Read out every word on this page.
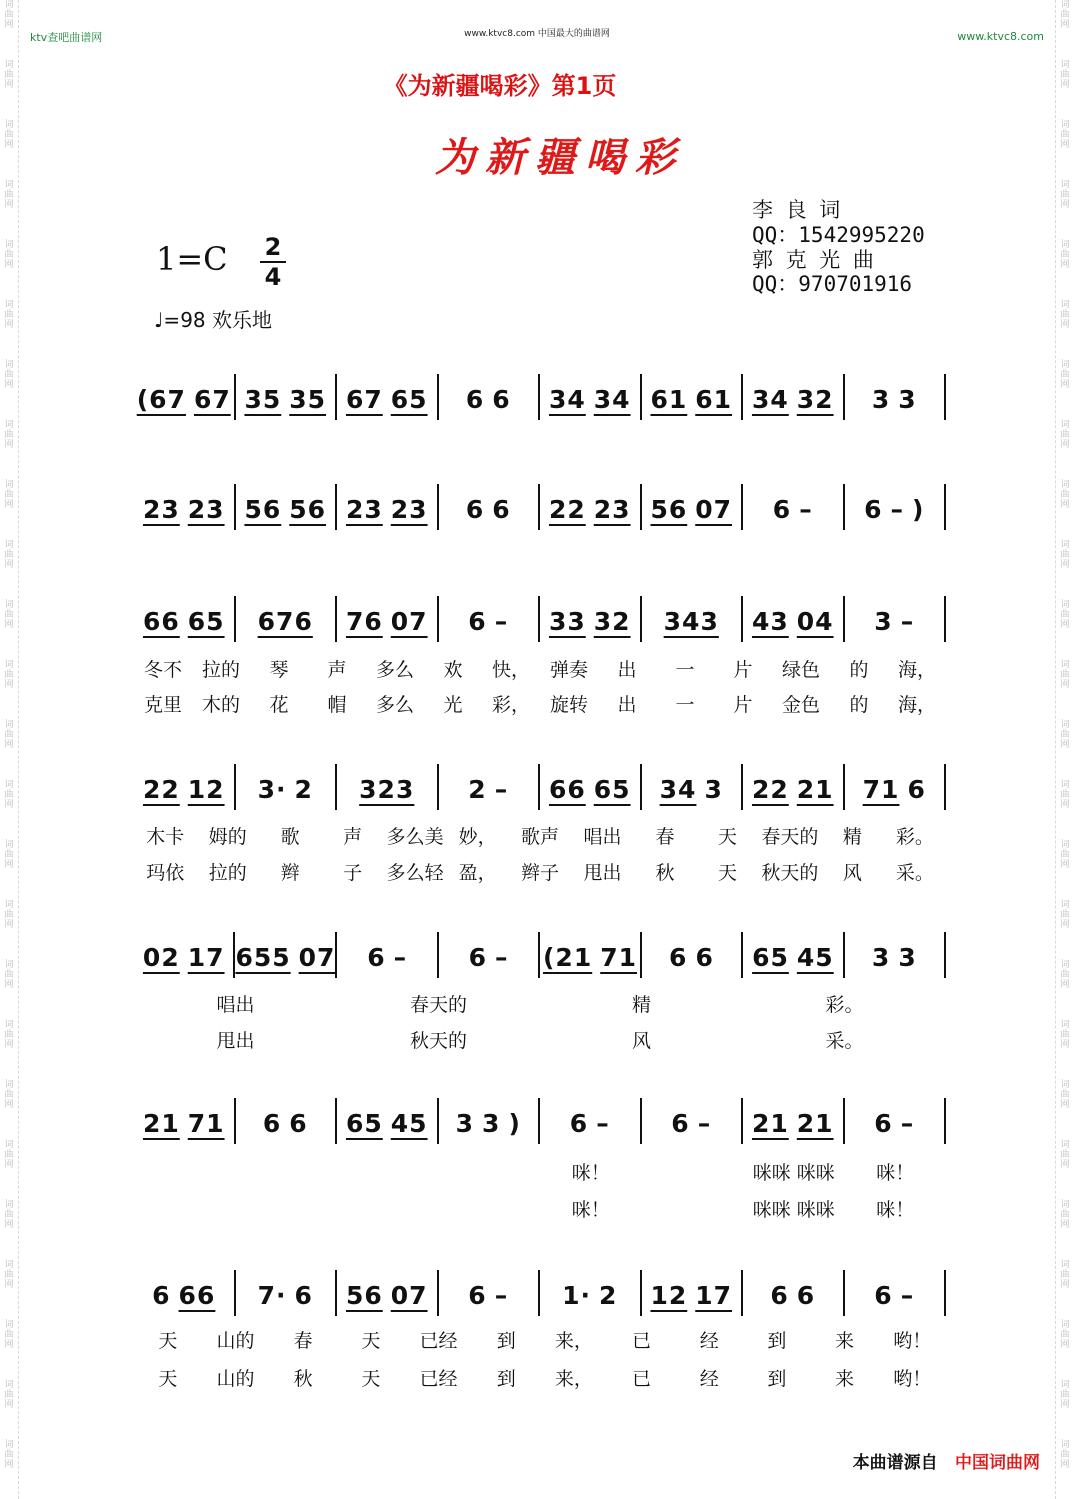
词
曲
网
词
曲
网
词
曲
网
词
曲
网
词
曲
网
词
曲
网
词
曲
网
词
曲
网
词
曲
网
词
曲
网
词
曲
网
词
曲
网
词
曲
网
词
曲
网
词
曲
网
词
曲
网
词
曲
网
词
曲
网
词
曲
网
词
曲
网
词
曲
网
词
曲
网
词
曲
网
词
曲
网
词
曲
网
词
曲
网
词
曲
网
词
曲
网
词
曲
网
词
曲
网
词
曲
网
词
曲
网
词
曲
网
词
曲
网
词
曲
网
词
曲
网
词
曲
网
词
曲
网
词
曲
网
词
曲
网
词
曲
网
词
曲
网
词
曲
网
词
曲
网
词
曲
网
词
曲
网
词
曲
网
词
曲
网
词
曲
网
词
曲
网
ktv查吧曲谱网	www.ktvc8.com 中国最大的曲谱网	www.ktvc8.com
《为新疆喝彩》第1页
为新疆喝彩
李 良 词
QQ：1542995220
郭 克 光 曲
QQ：970701916
1=C 2
4
♩=98 欢乐地
(67 67 35 35 67 65 6 6 34 34 61 61 34 32 3 3
23 23 56 56 23 23 6 6 22 23 56 07 6 – 6 – )
66 65 676 76 07 6 – 33 32 343 43 04 3 –
冬不	拉的	琴	声	多么	欢	快，	弹奏	出	一	片	绿色	的	海，
克里	木的	花	帽	多么	光	彩，	旋转	出	一	片	金色	的	海，
22 12 3· 2 323 2 – 66 65 34 3 22 21 71 6
木卡	姆的	歌	声	多么美 妙，	歌声	唱出	春	天	春天的	精	彩。
玛依	拉的	辫	子	多么轻 盈，	辫子	甩出	秋	天	秋天的	风	采。
02 17 655 07 6 – 6 – (21 71 6 6 65 45 3 3
唱出	春天的	精	彩。
甩出	秋天的	风	采。
21 71 6 6 65 45 3 3 ) 6 – 6 – 21 21 6 –
咪！	咪咪 咪咪	咪！
咪！	咪咪 咪咪	咪！
6 66 7· 6 56 07 6 – 1· 2 12 17 6 6 6 –
天	山的	春	天	已经	到	来，	已	经	到	来	哟！
天	山的	秋	天	已经	到	来，	已	经	到	来	哟！
本曲谱源自 中国词曲网
